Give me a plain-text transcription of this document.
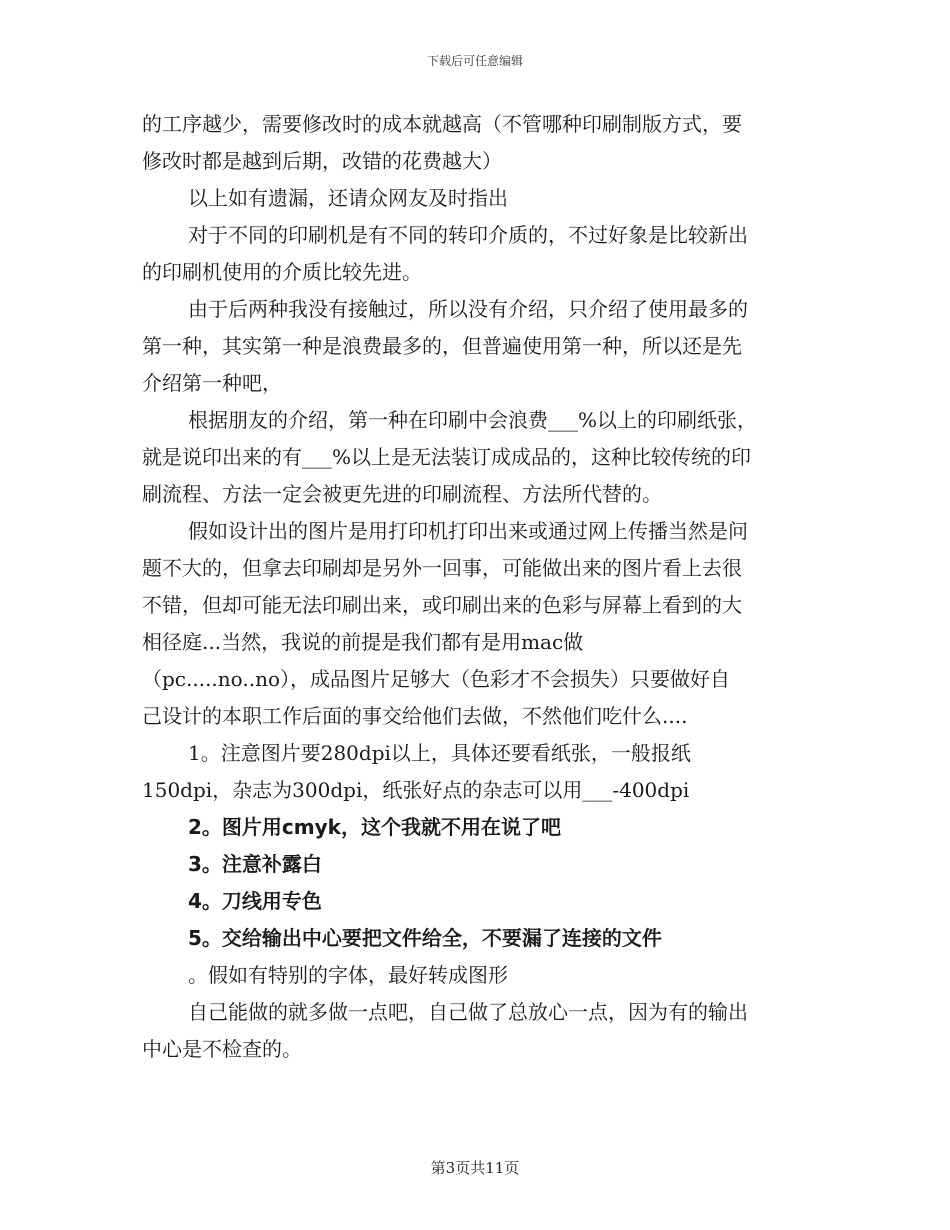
下载后可任意编辑
的工序越少，需要修改时的成本就越高（不管哪种印刷制版方式，要
修改时都是越到后期，改错的花费越大）
以上如有遗漏，还请众网友及时指出
对于不同的印刷机是有不同的转印介质的，不过好象是比较新出
的印刷机使用的介质比较先进。
由于后两种我没有接触过，所以没有介绍，只介绍了使用最多的
第一种，其实第一种是浪费最多的，但普遍使用第一种，所以还是先
介绍第一种吧，
根据朋友的介绍，第一种在印刷中会浪费___%以上的印刷纸张，
就是说印出来的有___%以上是无法装订成成品的，这种比较传统的印
刷流程、方法一定会被更先进的印刷流程、方法所代替的。
假如设计出的图片是用打印机打印出来或通过网上传播当然是问
题不大的，但拿去印刷却是另外一回事，可能做出来的图片看上去很
不错，但却可能无法印刷出来，或印刷出来的色彩与屏幕上看到的大
相径庭...当然，我说的前提是我们都有是用mac做
（pc.....no..no），成品图片足够大（色彩才不会损失）只要做好自
己设计的本职工作后面的事交给他们去做，不然他们吃什么....
1。注意图片要280dpi以上，具体还要看纸张，一般报纸
150dpi，杂志为300dpi，纸张好点的杂志可以用___-400dpi
2。图片用cmyk，这个我就不用在说了吧
3。注意补露白
4。刀线用专色
5。交给输出中心要把文件给全，不要漏了连接的文件
。假如有特别的字体，最好转成图形
自己能做的就多做一点吧，自己做了总放心一点，因为有的输出
中心是不检查的。
第3页共11页
